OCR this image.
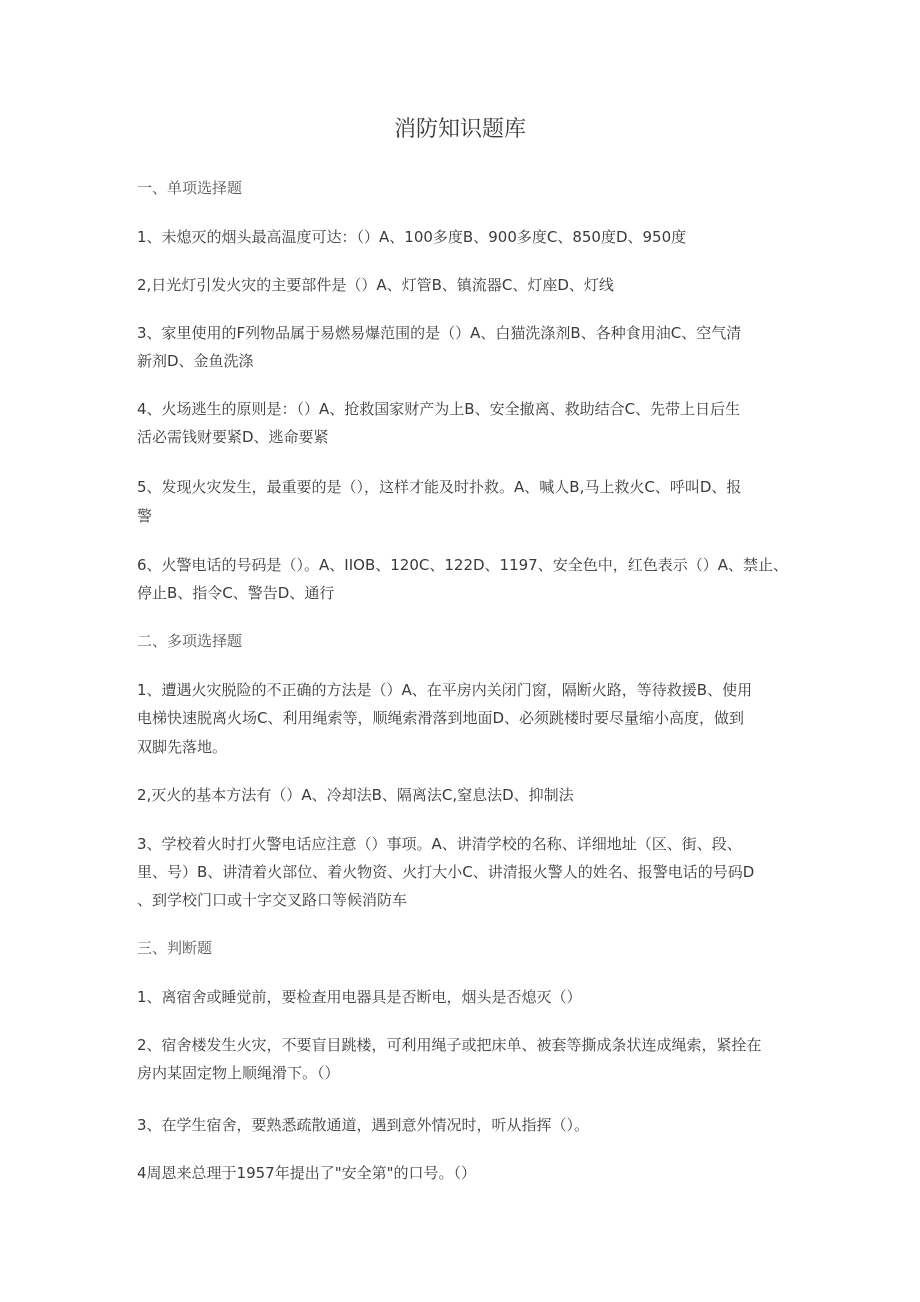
消防知识题库
一、单项选择题
1、未熄灭的烟头最高温度可达：（）A、100多度B、900多度C、850度D、950度
2,日光灯引发火灾的主要部件是（）A、灯管B、镇流器C、灯座D、灯线
3、家里使用的F列物品属于易燃易爆范围的是（）A、白猫洗涤剂B、各种食用油C、空气清
新剂D、金鱼洗涤
4、火场逃生的原则是：（）A、抢救国家财产为上B、安全撤离、救助结合C、先带上日后生
活必需钱财要紧D、逃命要紧
5、发现火灾发生，最重要的是（），这样才能及时扑救。A、喊人B,马上救火C、呼叫D、报
警
6、火警电话的号码是（）。A、IIOB、120C、122D、1197、安全色中，红色表示（）A、禁止、
停止B、指令C、警告D、通行
二、多项选择题
1、遭遇火灾脱险的不正确的方法是（）A、在平房内关闭门窗，隔断火路，等待救援B、使用
电梯快速脱离火场C、利用绳索等，顺绳索滑落到地面D、必须跳楼时要尽量缩小高度，做到
双脚先落地。
2,灭火的基本方法有（）A、冷却法B、隔离法C,窒息法D、抑制法
3、学校着火时打火警电话应注意（）事项。A、讲清学校的名称、详细地址（区、街、段、
里、号）B、讲清着火部位、着火物资、火打大小C、讲清报火警人的姓名、报警电话的号码D
、到学校门口或十字交叉路口等候消防车
三、判断题
1、离宿舍或睡觉前，要检查用电器具是否断电，烟头是否熄灭（）
2、宿舍楼发生火灾，不要盲目跳楼，可利用绳子或把床单、被套等撕成条状连成绳索，紧拴在
房内某固定物上顺绳滑下。（）
3、在学生宿舍，要熟悉疏散通道，遇到意外情况时，听从指挥（）。
4周恩来总理于1957年提出了"安全第"的口号。（）
